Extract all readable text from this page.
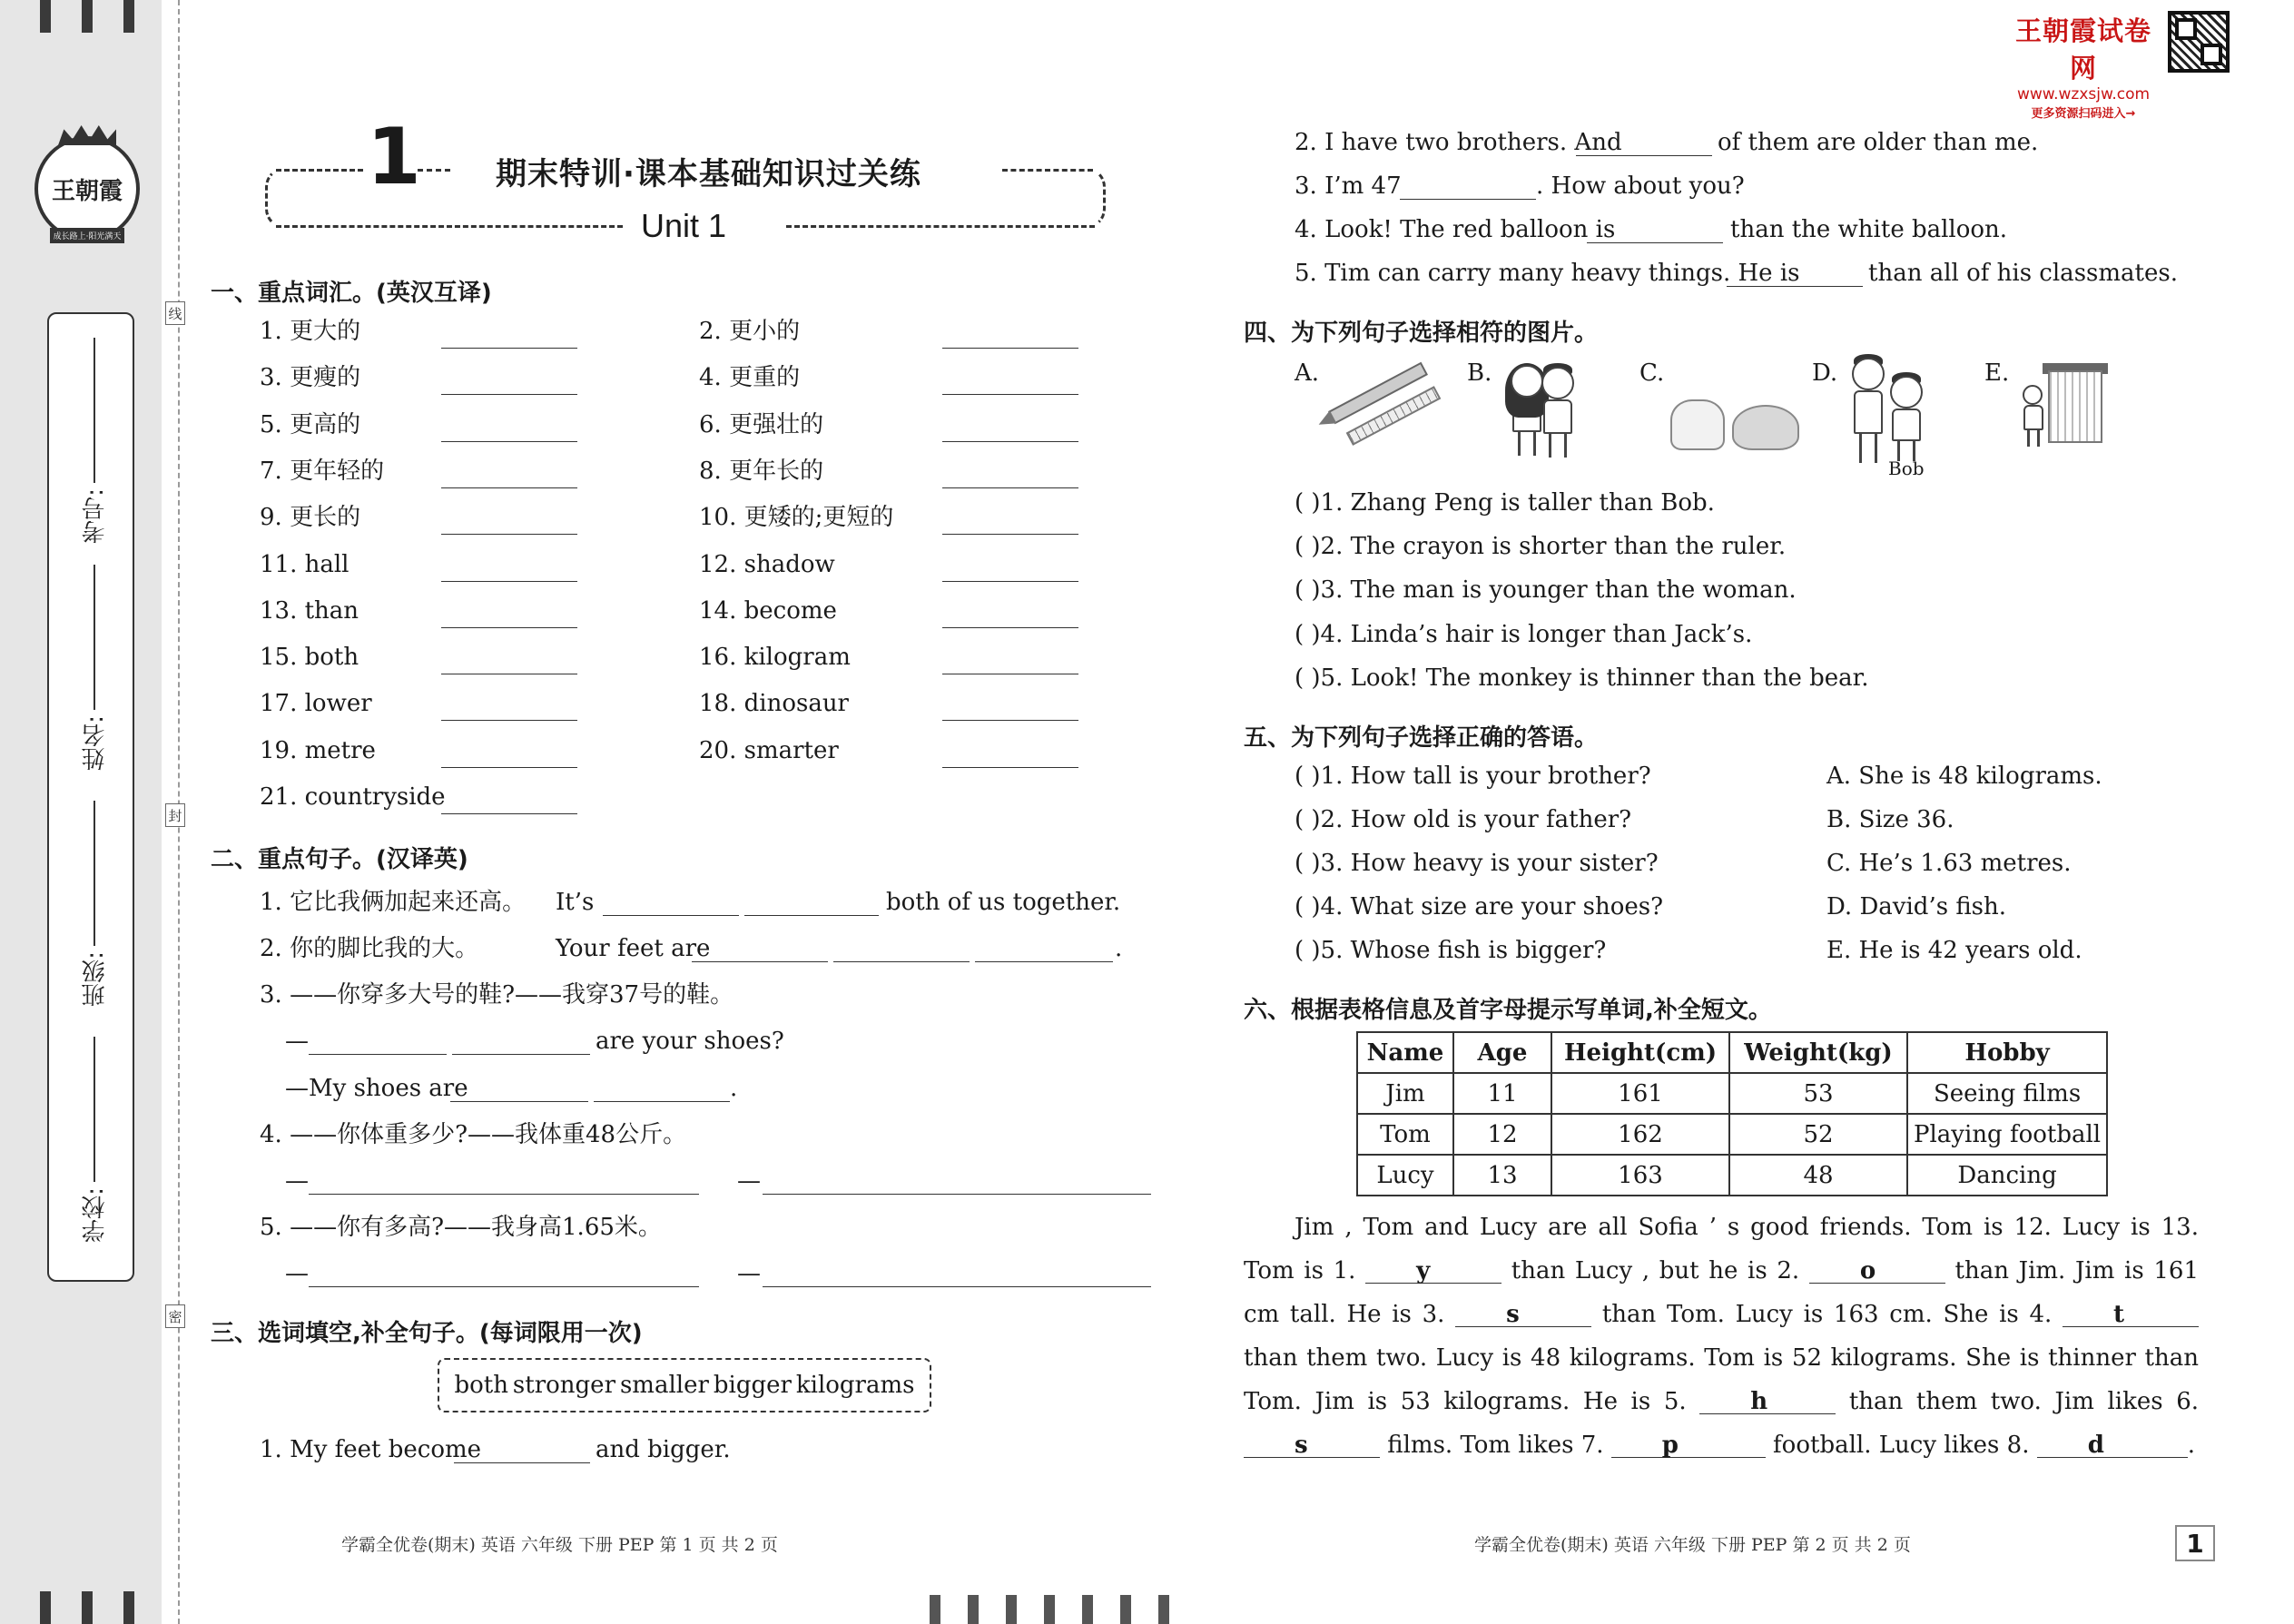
王朝霞
成长路上·阳光满天
考号:
姓名:
班级:
学校:
线
封
密
王朝霞试卷网
www.wzxsjw.com
更多资源扫码进入→
1 期末特训·课本基础知识过关练
Unit 1
一、重点词汇。(英汉互译)
1. 更大的	2. 更小的
3. 更瘦的	4. 更重的
5. 更高的	6. 更强壮的
7. 更年轻的	8. 更年长的
9. 更长的	10. 更矮的;更短的
11. hall	12. shadow
13. than	14. become
15. both	16. kilogram
17. lower	18. dinosaur
19. metre	20. smarter
21. countryside
二、重点句子。(汉译英)
1. 它比我俩加起来还高。 It’s	both of us together.
2. 你的脚比我的大。	Your feet are	.
3. ——你穿多大号的鞋?——我穿37号的鞋。
—	are your shoes?
—My shoes are	.
4. ——你体重多少?——我体重48公斤。
—	—
5. ——你有多高?——我身高1.65米。
—	—
三、选词填空,补全句子。(每词限用一次)
both stronger smaller bigger kilograms
1. My feet become	and bigger.
2. I have two brothers. And	of them are older than me.
3. I’m 47	. How about you?
4. Look! The red balloon is	than the white balloon.
5. Tim can carry many heavy things. He is	than all of his classmates.
四、为下列句子选择相符的图片。
A.	B.	C.	D.	E.
Bob
( )1. Zhang Peng is taller than Bob.
( )2. The crayon is shorter than the ruler.
( )3. The man is younger than the woman.
( )4. Linda’s hair is longer than Jack’s.
( )5. Look! The monkey is thinner than the bear.
五、为下列句子选择正确的答语。
( )1. How tall is your brother?
( )2. How old is your father?
( )3. How heavy is your sister?
( )4. What size are your shoes?
( )5. Whose fish is bigger?
A. She is 48 kilograms.
B. Size 36.
C. He’s 1.63 metres.
D. David’s fish.
E. He is 42 years old.
六、根据表格信息及首字母提示写单词,补全短文。
Name	Age	Height(cm)	Weight(kg)	Hobby
Jim	11	161	53	Seeing films
Tom	12	162	52	Playing football
Lucy	13	163	48	Dancing
Jim , Tom and Lucy are all Sofia ’ s good friends. Tom is 12. Lucy is 13. Tom is 1.	y	than Lucy , but he is 2.	o	than Jim. Jim is 161 cm tall. He is 3.	s	than Tom. Lucy is 163 cm. She is 4.	t than them two. Lucy is 48 kilograms. Tom is 52 kilograms. She is thinner than Tom. Jim is 53 kilograms. He is 5.	h	than them two. Jim likes 6. s	films. Tom likes 7. p	football. Lucy likes 8. d	.
学霸全优卷(期末) 英语 六年级 下册 PEP 第 1 页 共 2 页	学霸全优卷(期末) 英语 六年级 下册 PEP 第 2 页 共 2 页	1
